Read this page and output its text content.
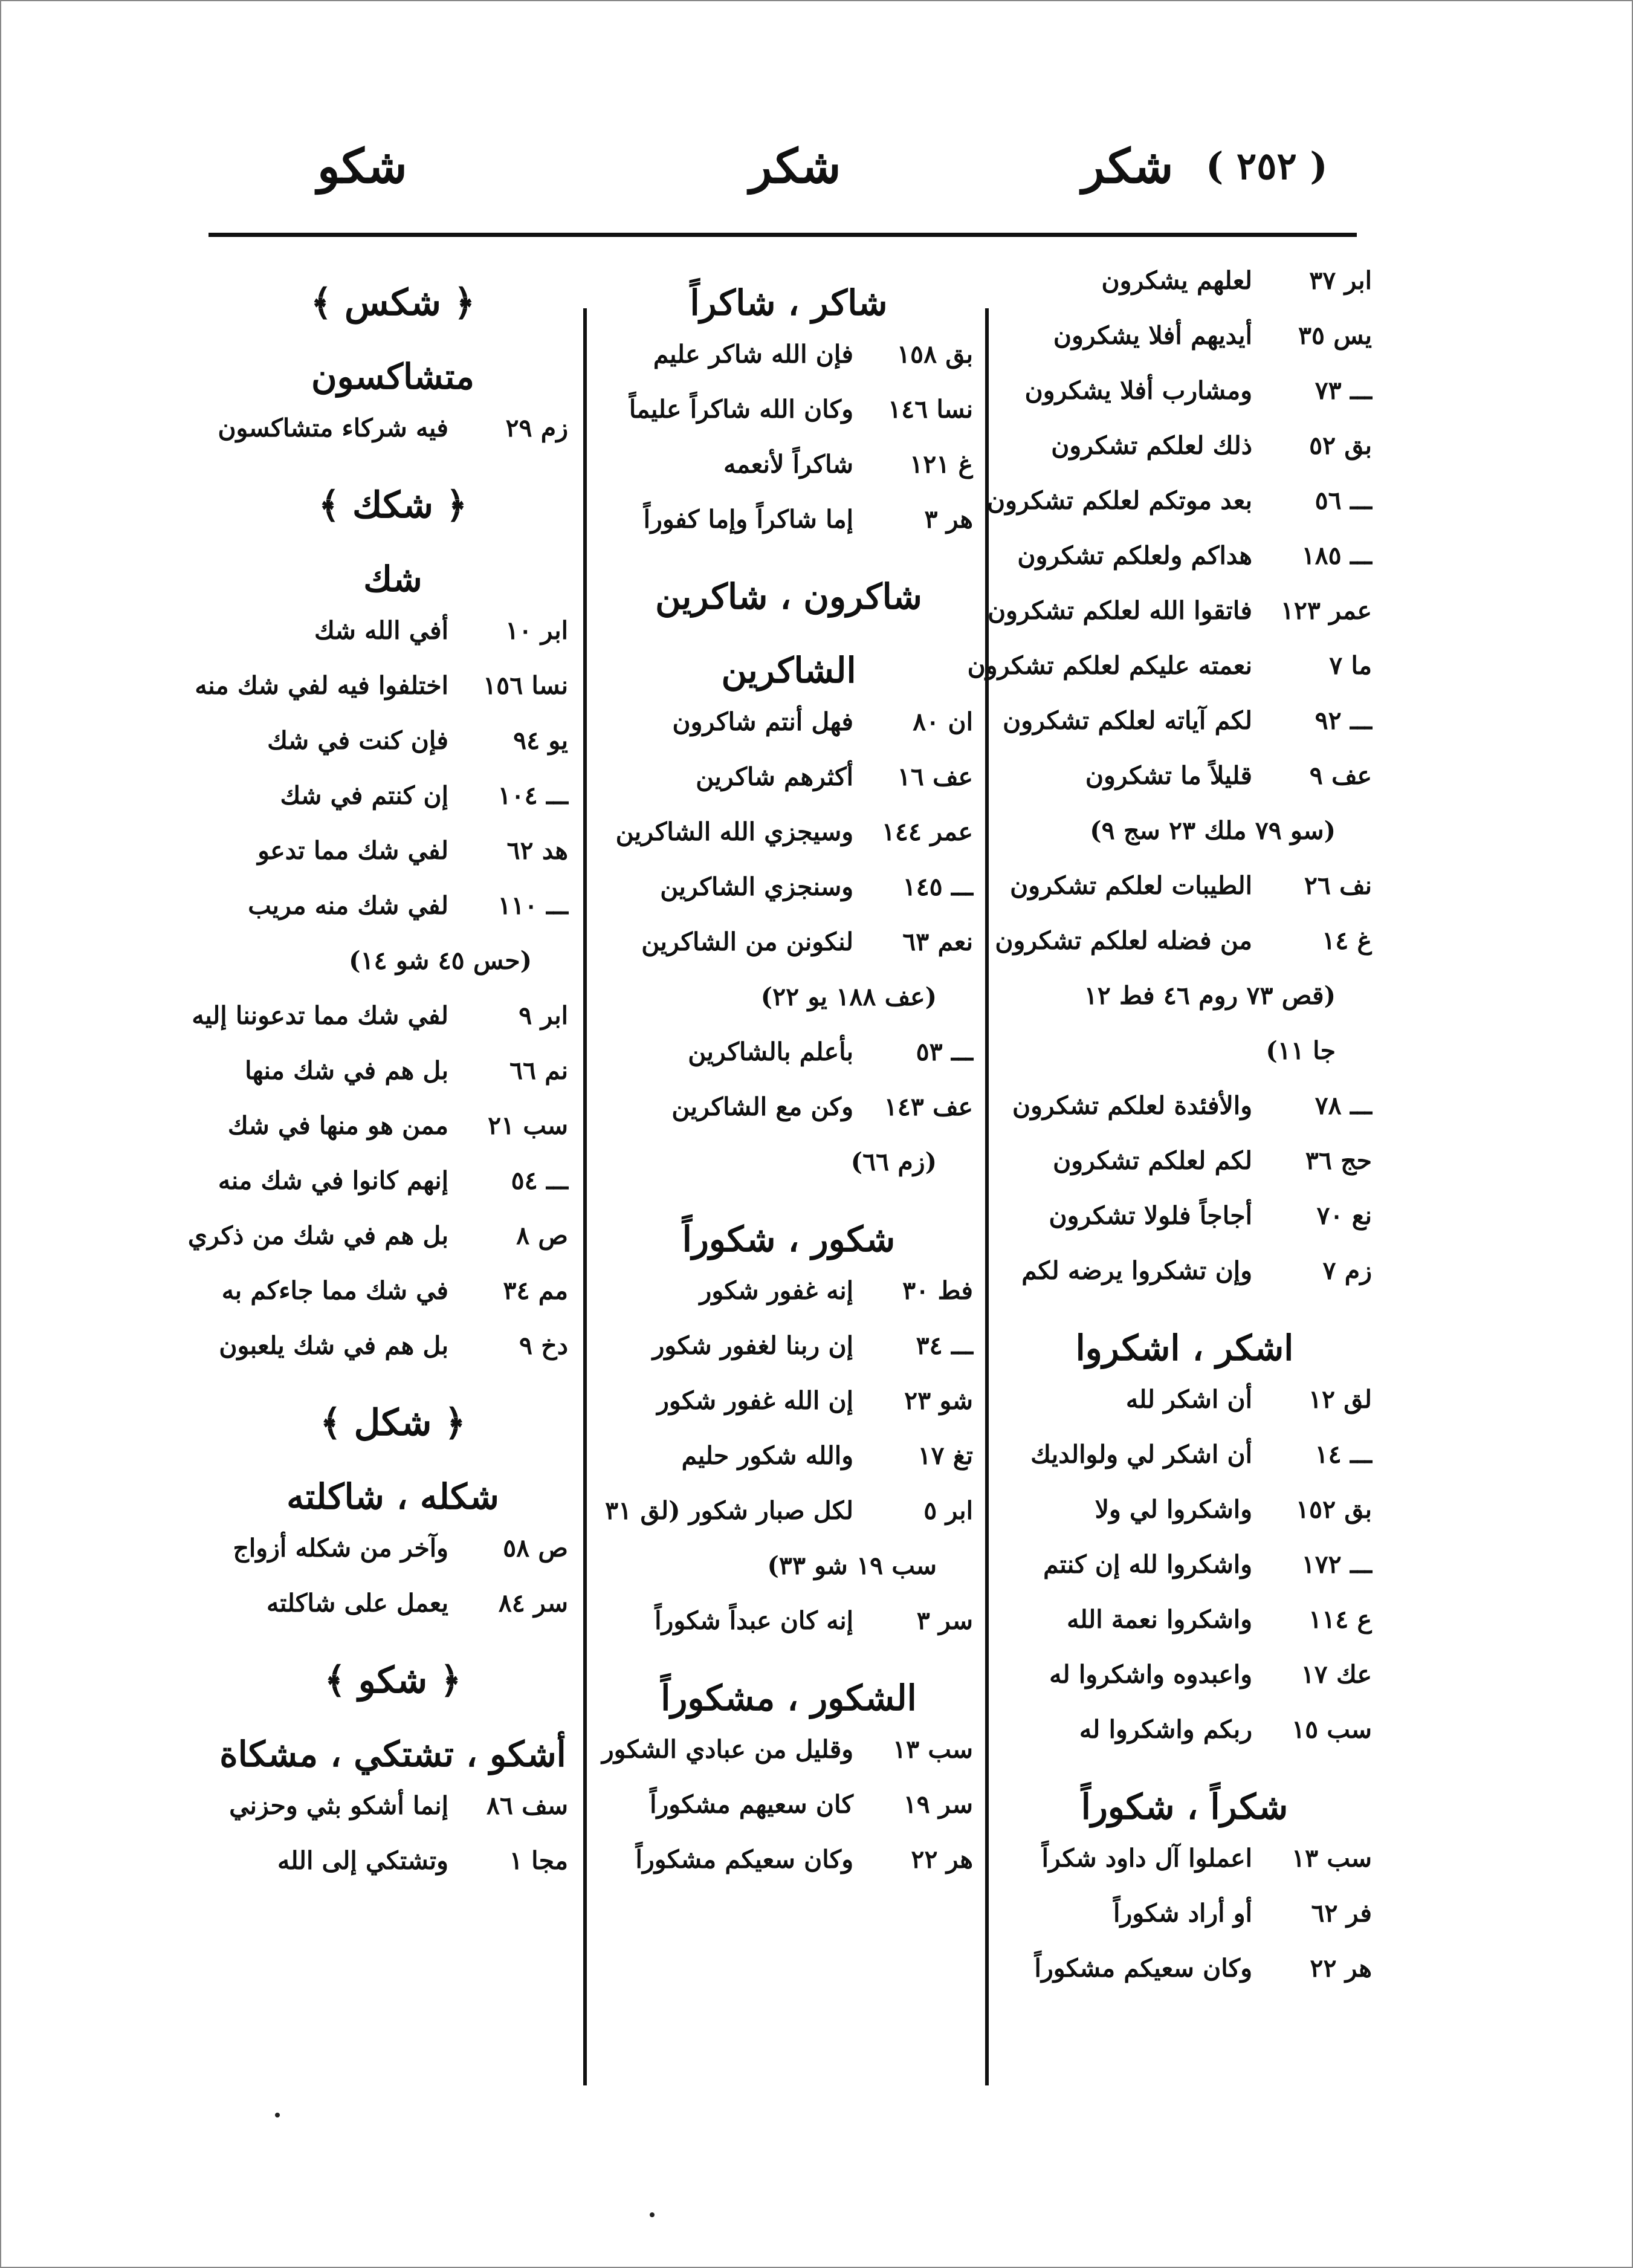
( ٢٥٢ )
شكر
شكر
شكو
ابر ٣٧
لعلهم يشكرون
يس ٣٥
أيديهم أفلا يشكرون
ـــ ٧٣
ومشارب أفلا يشكرون
بق ٥٢
ذلك لعلكم تشكرون
ـــ ٥٦
بعد موتكم لعلكم تشكرون
ـــ ١٨٥
هداكم ولعلكم تشكرون
عمر ١٢٣
فاتقوا الله لعلكم تشكرون
ما ٧
نعمته عليكم لعلكم تشكرون
ـــ ٩٢
لكم آياته لعلكم تشكرون
عف ٩
قليلاً ما تشكرون
(سو ٧٩ ملك ٢٣ سج ٩)
نف ٢٦
الطيبات لعلكم تشكرون
غ ١٤
من فضله لعلكم تشكرون
(قص ٧٣ روم ٤٦ فط ١٢
جا ١١)
ـــ ٧٨
والأفئدة لعلكم تشكرون
حج ٣٦
لكم لعلكم تشكرون
نع ٧٠
أجاجاً فلولا تشكرون
زم ٧
وإن تشكروا يرضه لكم
اشكر ، اشكروا
لق ١٢
أن اشكر لله
ـــ ١٤
أن اشكر لي ولوالديك
بق ١٥٢
واشكروا لي ولا
ـــ ١٧٢
واشكروا لله إن كنتم
ع ١١٤
واشكروا نعمة الله
عك ١٧
واعبدوه واشكروا له
سب ١٥
ربكم واشكروا له
شكراً ، شكوراً
سب ١٣
اعملوا آل داود شكراً
فر ٦٢
أو أراد شكوراً
هر ٢٢
وكان سعيكم مشكوراً
شاكر ، شاكراً
بق ١٥٨
فإن الله شاكر عليم
نسا ١٤٦
وكان الله شاكراً عليماً
غ ١٢١
شاكراً لأنعمه
هر ٣
إما شاكراً وإما كفوراً
شاكرون ، شاكرين
الشاكرين
ان ٨٠
فهل أنتم شاكرون
عف ١٦
أكثرهم شاكرين
عمر ١٤٤
وسيجزي الله الشاكرين
ـــ ١٤٥
وسنجزي الشاكرين
نعم ٦٣
لنكونن من الشاكرين
(عف ١٨٨ يو ٢٢)
ـــ ٥٣
بأعلم بالشاكرين
عف ١٤٣
وكن مع الشاكرين
(زم ٦٦)
شكور ، شكوراً
فط ٣٠
إنه غفور شكور
ـــ ٣٤
إن ربنا لغفور شكور
شو ٢٣
إن الله غفور شكور
تغ ١٧
والله شكور حليم
ابر ٥
لكل صبار شكور (لق ٣١
سب ١٩ شو ٣٣)
سر ٣
إنه كان عبداً شكوراً
الشكور ، مشكوراً
سب ١٣
وقليل من عبادي الشكور
سر ١٩
كان سعيهم مشكوراً
هر ٢٢
وكان سعيكم مشكوراً
﴿ شكس ﴾
متشاكسون
زم ٢٩
فيه شركاء متشاكسون
﴿ شكك ﴾
شك
ابر ١٠
أفي الله شك
نسا ١٥٦
اختلفوا فيه لفي شك منه
يو ٩٤
فإن كنت في شك
ـــ ١٠٤
إن كنتم في شك
هد ٦٢
لفي شك مما تدعو
ـــ ١١٠
لفي شك منه مريب
(حس ٤٥ شو ١٤)
ابر ٩
لفي شك مما تدعوننا إليه
نم ٦٦
بل هم في شك منها
سب ٢١
ممن هو منها في شك
ـــ ٥٤
إنهم كانوا في شك منه
ص ٨
بل هم في شك من ذكري
مم ٣٤
في شك مما جاءكم به
دخ ٩
بل هم في شك يلعبون
﴿ شكل ﴾
شكله ، شاكلته
ص ٥٨
وآخر من شكله أزواج
سر ٨٤
يعمل على شاكلته
﴿ شكو ﴾
أشكو ، تشتكي ، مشكاة
سف ٨٦
إنما أشكو بثي وحزني
مجا ١
وتشتكي إلى الله
